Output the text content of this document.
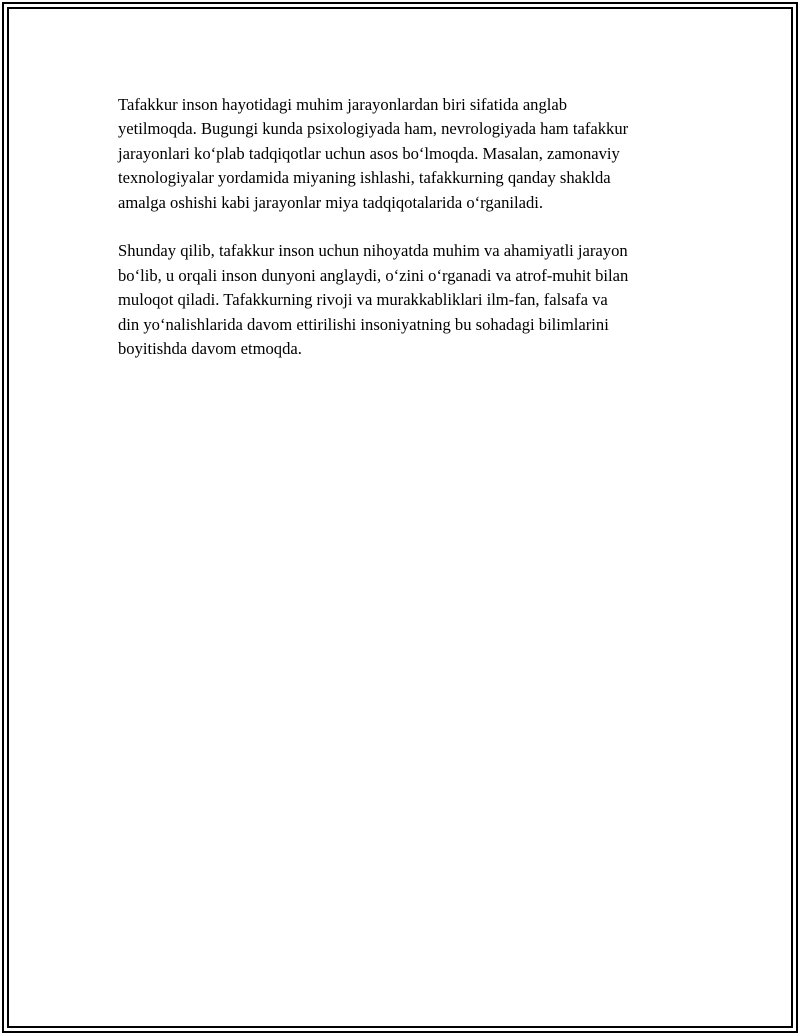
Tafakkur inson hayotidagi muhim jarayonlardan biri sifatida anglab
yetilmoqda. Bugungi kunda psixologiyada ham, nevrologiyada ham tafakkur
jarayonlari ko‘plab tadqiqotlar uchun asos bo‘lmoqda. Masalan, zamonaviy
texnologiyalar yordamida miyaning ishlashi, tafakkurning qanday shaklda
amalga oshishi kabi jarayonlar miya tadqiqotalarida o‘rganiladi.

Shunday qilib, tafakkur inson uchun nihoyatda muhim va ahamiyatli jarayon
bo‘lib, u orqali inson dunyoni anglaydi, o‘zini o‘rganadi va atrof-muhit bilan
muloqot qiladi. Tafakkurning rivoji va murakkabliklari ilm-fan, falsafa va
din yo‘nalishlarida davom ettirilishi insoniyatning bu sohadagi bilimlarini
boyitishda davom etmoqda.
